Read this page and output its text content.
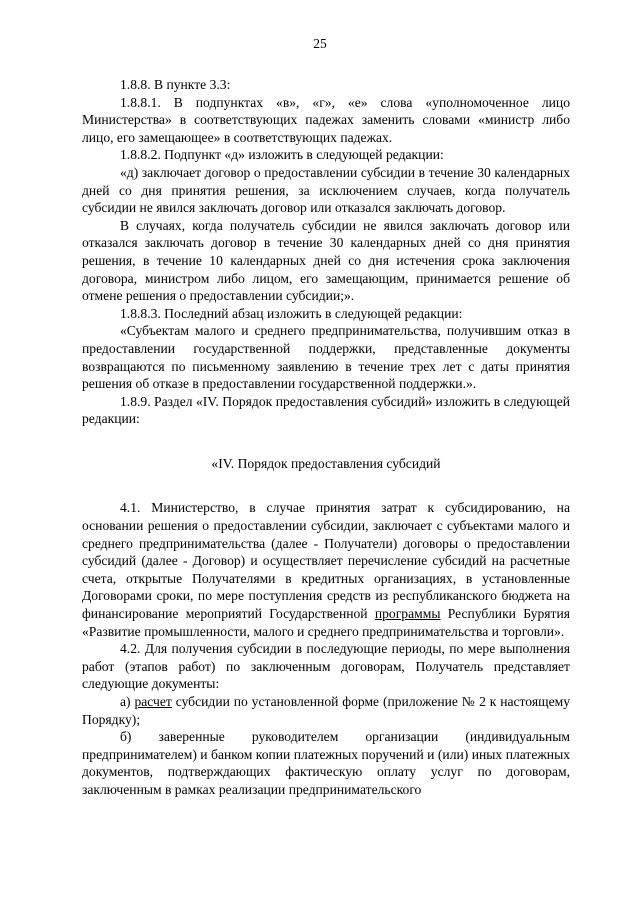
25

1.8.8. В пункте 3.3:

1.8.8.1. В подпунктах «в», «г», «е» слова «уполномоченное лицо Министерства» в соответствующих падежах заменить словами «министр либо лицо, его замещающее» в соответствующих падежах.

1.8.8.2. Подпункт «д» изложить в следующей редакции:

«д) заключает договор о предоставлении субсидии в течение 30 календарных дней со дня принятия решения, за исключением случаев, когда получатель субсидии не явился заключать договор или отказался заключать договор.

В случаях, когда получатель субсидии не явился заключать договор или отказался заключать договор в течение 30 календарных дней со дня принятия решения, в течение 10 календарных дней со дня истечения срока заключения договора, министром либо лицом, его замещающим, принимается решение об отмене решения о предоставлении субсидии;».

1.8.8.3. Последний абзац изложить в следующей редакции:

«Субъектам малого и среднего предпринимательства, получившим отказ в предоставлении государственной поддержки, представленные документы возвращаются по письменному заявлению в течение трех лет с даты принятия решения об отказе в предоставлении государственной поддержки.».

1.8.9. Раздел «IV. Порядок предоставления субсидий» изложить в следующей редакции:

«IV. Порядок предоставления субсидий

4.1. Министерство, в случае принятия затрат к субсидированию, на основании решения о предоставлении субсидии, заключает с субъектами малого и среднего предпринимательства (далее - Получатели) договоры о предоставлении субсидий (далее - Договор) и осуществляет перечисление субсидий на расчетные счета, открытые Получателями в кредитных организациях, в установленные Договорами сроки, по мере поступления средств из республиканского бюджета на финансирование мероприятий Государственной программы Республики Бурятия «Развитие промышленности, малого и среднего предпринимательства и торговли».

4.2. Для получения субсидии в последующие периоды, по мере выполнения работ (этапов работ) по заключенным договорам, Получатель представляет следующие документы:

а) расчет субсидии по установленной форме (приложение № 2 к настоящему Порядку);

б) заверенные руководителем организации (индивидуальным предпринимателем) и банком копии платежных поручений и (или) иных платежных документов, подтверждающих фактическую оплату услуг по договорам, заключенным в рамках реализации предпринимательского
